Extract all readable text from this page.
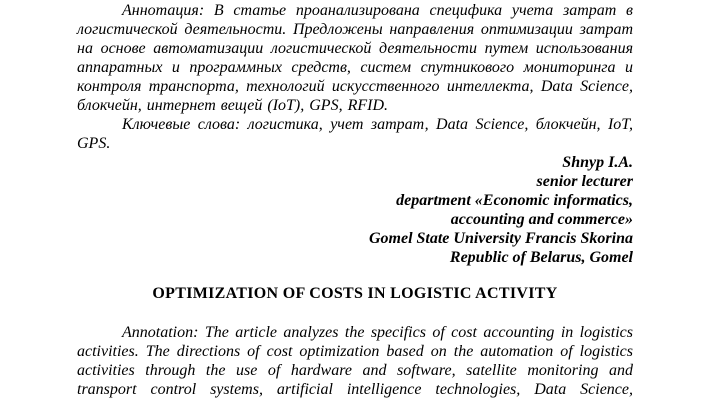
Аннотация: В статье проанализирована специфика учета затрат в логистической деятельности. Предложены направления оптимизации затрат на основе автоматизации логистической деятельности путем использования аппаратных и программных средств, систем спутникового мониторинга и контроля транспорта, технологий искусственного интеллекта, Data Science, блокчейн, интернет вещей (IoT), GPS, RFID.

Ключевые слова: логистика, учет затрат, Data Science, блокчейн, IoT, GPS.

Shnyp I.A.
senior lecturer
department «Economic informatics,
accounting and commerce»
Gomel State University Francis Skorina
Republic of Belarus, Gomel
OPTIMIZATION OF COSTS IN LOGISTIC ACTIVITY

Annotation: The article analyzes the specifics of cost accounting in logistics activities. The directions of cost optimization based on the automation of logistics activities through the use of hardware and software, satellite monitoring and transport control systems, artificial intelligence technologies, Data Science,
